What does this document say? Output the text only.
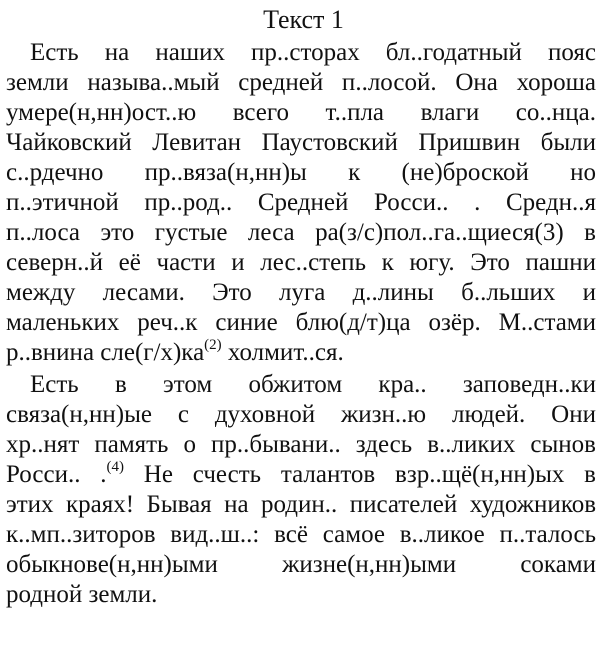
Текст 1
Есть на наших пр..сторах бл..годатный пояс
земли называ..мый средней п..лосой. Она хороша
умере(н,нн)ост..ю всего т..пла влаги со..нца.
Чайковский Левитан Паустовский Пришвин были
с..рдечно пр..вяза(н,нн)ы к (не)броской но
п..этичной пр..род.. Средней Росси.. . Средн..я
п..лоса это густые леса ра(з/с)пол..га..щиеся(3) в
северн..й её части и лес..степь к югу. Это пашни
между лесами. Это луга д..лины б..льших и
маленьких реч..к синие блю(д/т)ца озёр. М..стами
р..внина $сле(г/х)ка^{(2)}$ холмит..ся.
Есть в этом обжитом кра.. заповедн..ки
связа(н,нн)ые с духовной жизн..ю людей. Они
хр..нят память о пр..бывани.. здесь в..ликих сынов
Росси.. .$^{(4)}$ Не счесть талантов взр..щё(н,нн)ых в
этих краях! Бывая на родин.. писателей художников
к..мп..зиторов вид..ш..: всё самое в..ликое п..талось
обыкнове(н,нн)ыми жизне(н,нн)ыми соками
родной земли.
